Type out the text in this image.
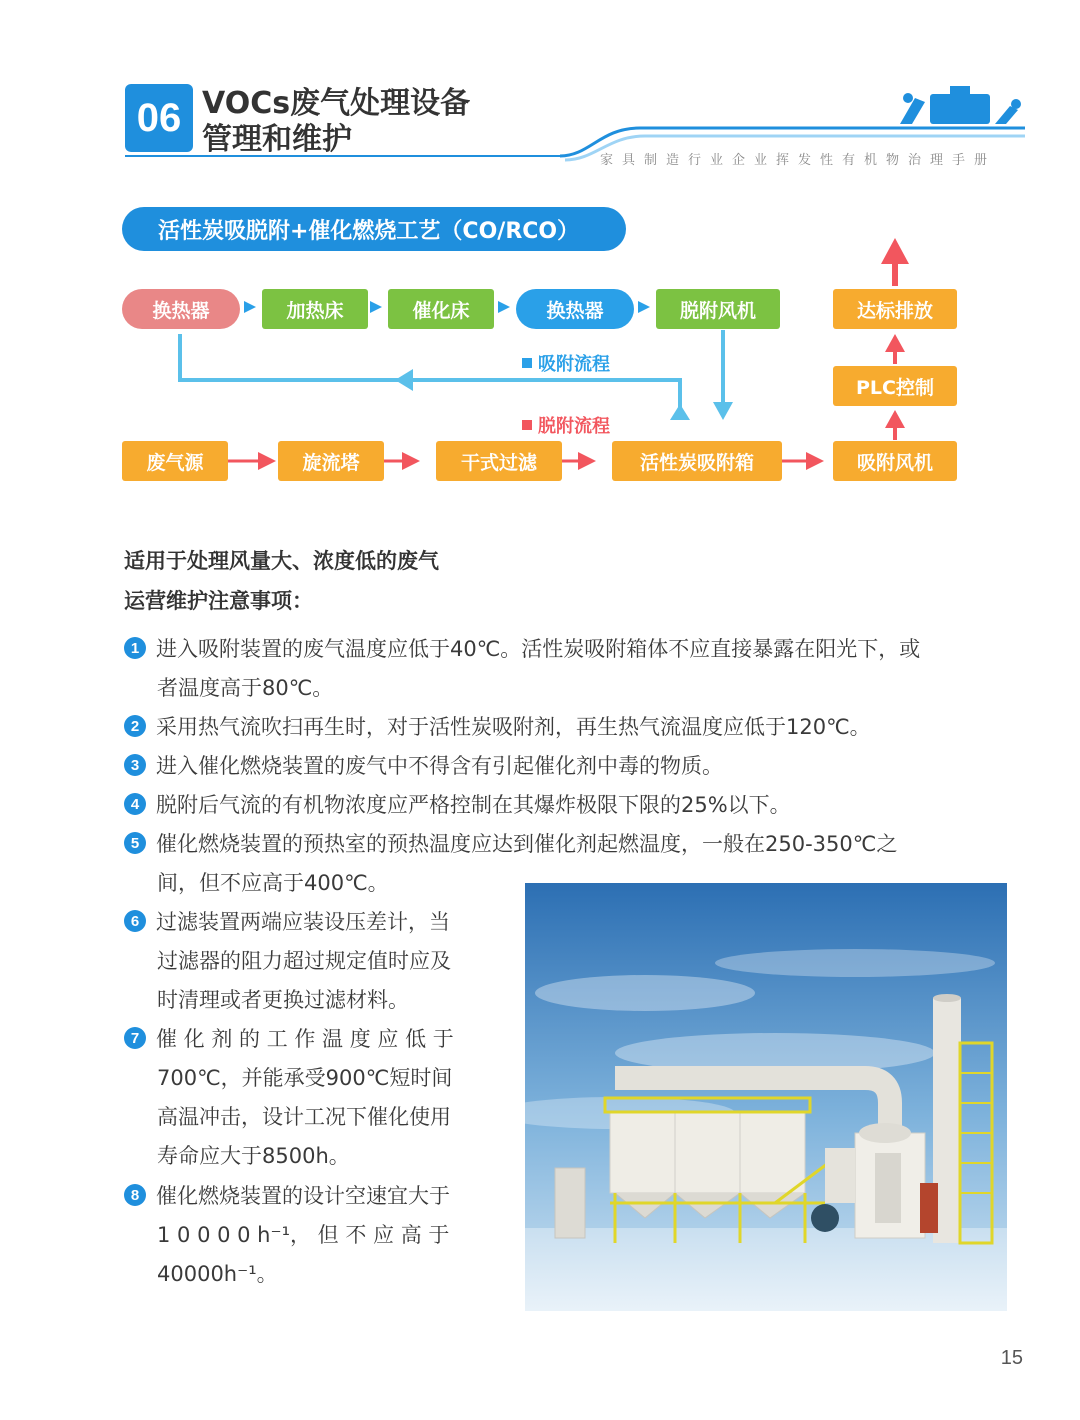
06 VOCs废气处理设备
管理和维护
家具制造行业企业挥发性有机物治理手册
活性炭吸脱附+催化燃烧工艺（CO/RCO）
换热器	加热床	催化床	换热器	脱附风机	达标排放
PLC控制
吸附流程
脱附流程
废气源	旋流塔	干式过滤	活性炭吸附箱	吸附风机
适用于处理风量大、浓度低的废气
运营维护注意事项：
1 进入吸附装置的废气温度应低于40℃。活性炭吸附箱体不应直接暴露在阳光下，或
者温度高于80℃。
2 采用热气流吹扫再生时，对于活性炭吸附剂，再生热气流温度应低于120℃。
3 进入催化燃烧装置的废气中不得含有引起催化剂中毒的物质。
4 脱附后气流的有机物浓度应严格控制在其爆炸极限下限的25%以下。
5 催化燃烧装置的预热室的预热温度应达到催化剂起燃温度，一般在250-350℃之
间，但不应高于400℃。
6 过滤装置两端应装设压差计，当
过滤器的阻力超过规定值时应及
时清理或者更换过滤材料。
7 催 化 剂 的 工 作 温 度 应 低 于
700℃，并能承受900℃短时间
高温冲击，设计工况下催化使用
寿命应大于8500h。
8 催化燃烧装置的设计空速宜大于
1 0 0 0 0 h⁻¹， 但 不 应 高 于
40000h⁻¹。
15
